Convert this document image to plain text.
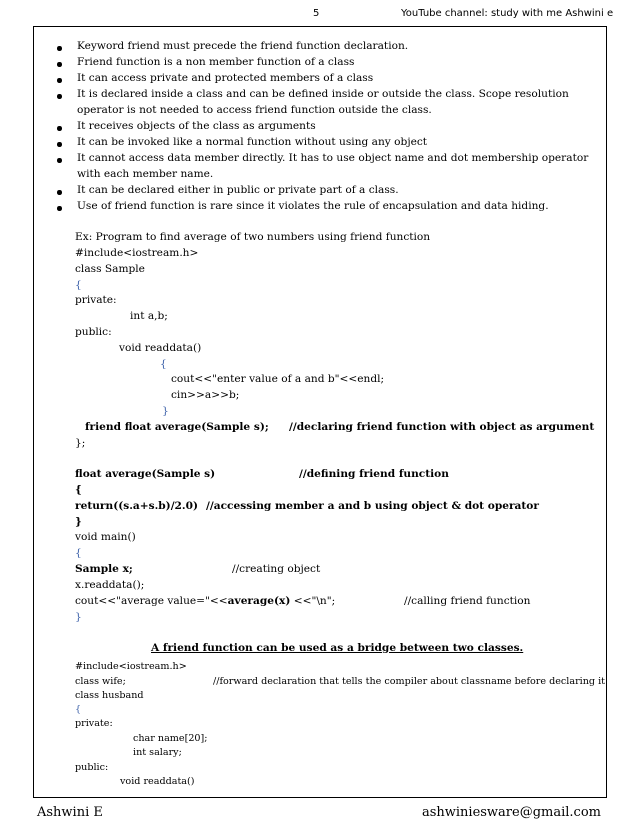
5	YouTube channel: study with me Ashwini e
Keyword friend must precede the friend function declaration.
Friend function is a non member function of a class
It can access private and protected members of a class
It is declared inside a class and can be defined inside or outside the class. Scope resolution
operator is not needed to access friend function outside the class.
It receives objects of the class as arguments
It can be invoked like a normal function without using any object
It cannot access data member directly. It has to use object name and dot membership operator
with each member name.
It can be declared either in public or private part of a class.
Use of friend function is rare since it violates the rule of encapsulation and data hiding.
Ex: Program to find average of two numbers using friend function
#include<iostream.h>
class Sample
{
private:
int a,b;
public:
void readdata()
{
cout<<"enter value of a and b"<<endl;
cin>>a>>b;
}
friend float average(Sample s); //declaring friend function with object as argument
};
float average(Sample s)	//defining friend function
{
return((s.a+s.b)/2.0) //accessing member a and b using object & dot operator
}
void main()
{
Sample x;	//creating object
x.readdata();
cout<<"average value="<<average(x) <<"\n";	//calling friend function
}
A friend function can be used as a bridge between two classes.
#include<iostream.h>
class wife;	//forward declaration that tells the compiler about classname before declaring it
class husband
{
private:
char name[20];
int salary;
public:
void readdata()
Ashwini E	ashwiniesware@gmail.com
